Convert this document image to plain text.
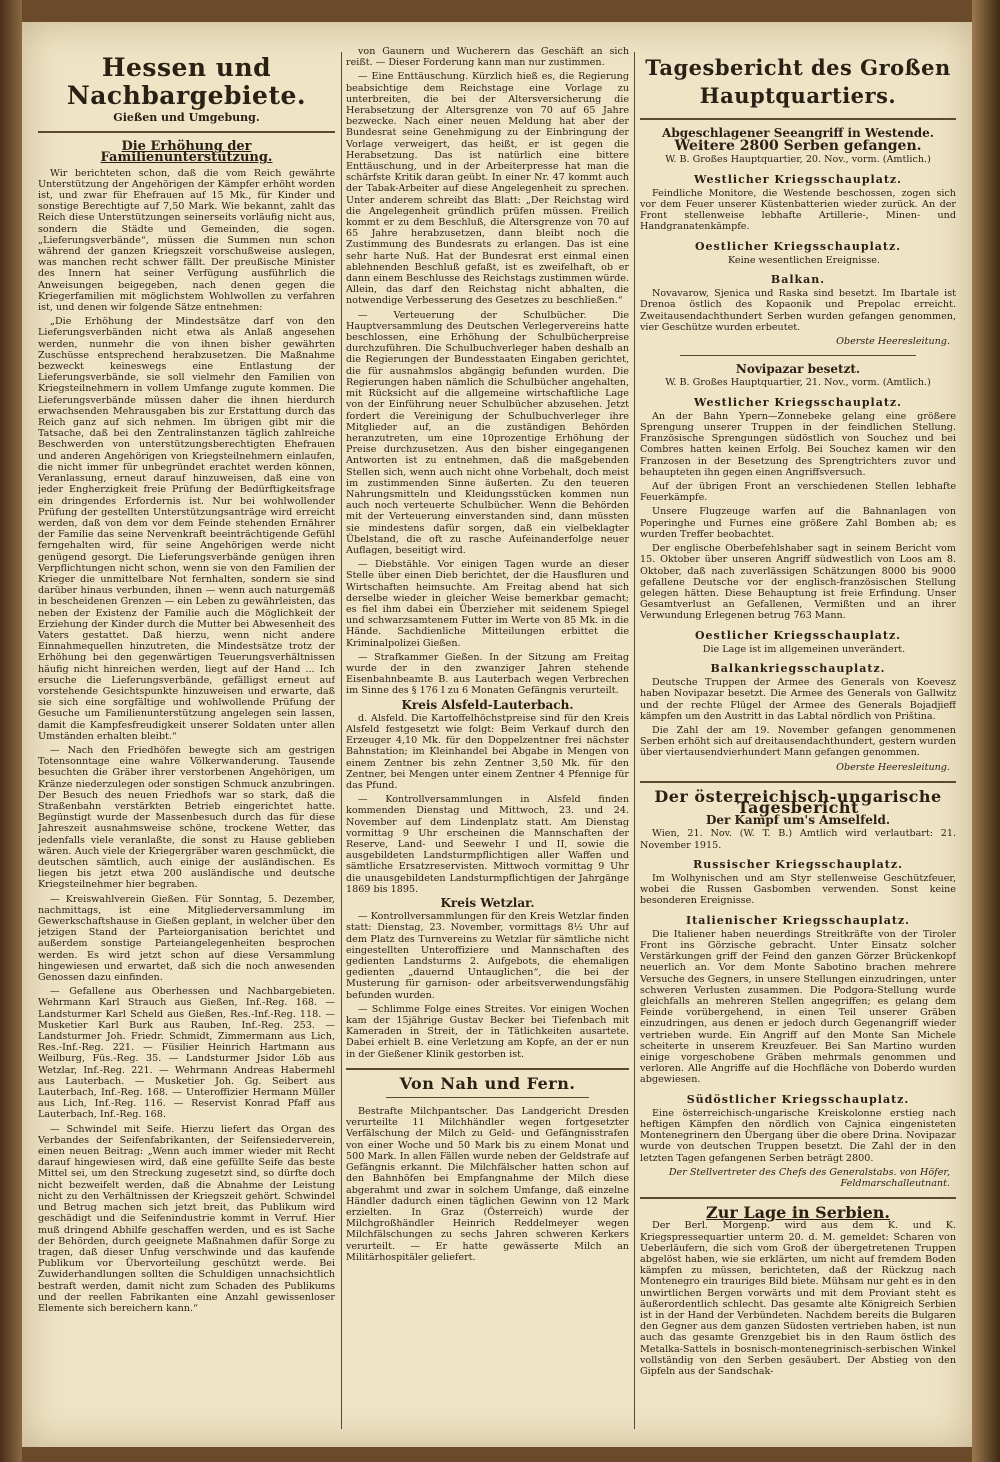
Hessen und Nachbargebiete.
Gießen und Umgebung.
Die Erhöhung der Familienunterstützung.

Wir berichteten schon, daß die vom Reich gewährte Unterstützung der Angehörigen der Kämpfer erhöht worden ist, und zwar für Ehefrauen auf 15 Mk., für Kinder und sonstige Berechtigte auf 7,50 Mark. Wie bekannt, zahlt das Reich diese Unterstützungen seinerseits vorläufig nicht aus, sondern die Städte und Gemeinden, die sogen. „Lieferungsverbände“, müssen die Summen nun schon während der ganzen Kriegszeit vorschußweise auslegen, was manchen recht schwer fällt. Der preußische Minister des Innern hat seiner Verfügung ausführlich die Anweisungen beigegeben, nach denen gegen die Kriegerfamilien mit möglichstem Wohlwollen zu verfahren ist, und denen wir folgende Sätze entnehmen:

„Die Erhöhung der Mindestsätze darf von den Lieferungsverbänden nicht etwa als Anlaß angesehen werden, nunmehr die von ihnen bisher gewährten Zuschüsse entsprechend herabzusetzen. Die Maßnahme bezweckt keineswegs eine Entlastung der Lieferungsverbände, sie soll vielmehr den Familien von Kriegsteilnehmern in vollem Umfange zugute kommen. Die Lieferungsverbände müssen daher die ihnen hierdurch erwachsenden Mehrausgaben bis zur Erstattung durch das Reich ganz auf sich nehmen. Im übrigen gibt mir die Tatsache, daß bei den Zentralinstanzen täglich zahlreiche Beschwerden von unterstützungsberechtigten Ehefrauen und anderen Angehörigen von Kriegsteilnehmern einlaufen, die nicht immer für unbegründet erachtet werden können, Veranlassung, erneut darauf hinzuweisen, daß eine von jeder Engherzigkeit freie Prüfung der Bedürftigkeitsfrage ein dringendes Erfordernis ist. Nur bei wohlwollender Prüfung der gestellten Unterstützungsanträge wird erreicht werden, daß von dem vor dem Feinde stehenden Ernährer der Familie das seine Nervenkraft beeinträchtigende Gefühl ferngehalten wird, für seine Angehörigen werde nicht genügend gesorgt. Die Lieferungsverbände genügen ihren Verpflichtungen nicht schon, wenn sie von den Familien der Krieger die unmittelbare Not fernhalten, sondern sie sind darüber hinaus verbunden, ihnen — wenn auch naturgemäß in bescheidenen Grenzen — ein Leben zu gewährleisten, das neben der Existenz der Familie auch die Möglichkeit der Erziehung der Kinder durch die Mutter bei Abwesenheit des Vaters gestattet. Daß hierzu, wenn nicht andere Einnahmequellen hinzutreten, die Mindestsätze trotz der Erhöhung bei den gegenwärtigen Teuerungsverhältnissen häufig nicht hinreichen werden, liegt auf der Hand ... Ich ersuche die Lieferungsverbände, gefälligst erneut auf vorstehende Gesichtspunkte hinzuweisen und erwarte, daß sie sich eine sorgfältige und wohlwollende Prüfung der Gesuche um Familienunterstützung angelegen sein lassen, damit die Kampfesfreudigkeit unserer Soldaten unter allen Umständen erhalten bleibt.“

— Nach den Friedhöfen bewegte sich am gestrigen Totensonntage eine wahre Völkerwanderung. Tausende besuchten die Gräber ihrer verstorbenen Angehörigen, um Kränze niederzulegen oder sonstigen Schmuck anzubringen. Der Besuch des neuen Friedhofs war so stark, daß die Straßenbahn verstärkten Betrieb eingerichtet hatte. Begünstigt wurde der Massenbesuch durch das für diese Jahreszeit ausnahmsweise schöne, trockene Wetter, das jedenfalls viele veranlaßte, die sonst zu Hause geblieben wären. Auch viele der Kriegergräber waren geschmückt, die deutschen sämtlich, auch einige der ausländischen. Es liegen bis jetzt etwa 200 ausländische und deutsche Kriegsteilnehmer hier begraben.

— Kreiswahlverein Gießen. Für Sonntag, 5. Dezember, nachmittags, ist eine Mitgliederversammlung im Gewerkschaftshause in Gießen geplant, in welcher über den jetzigen Stand der Parteiorganisation berichtet und außerdem sonstige Parteiangelegenheiten besprochen werden. Es wird jetzt schon auf diese Versammlung hingewiesen und erwartet, daß sich die noch anwesenden Genossen dazu einfinden.

— Gefallene aus Oberhessen und Nachbargebieten. Wehrmann Karl Strauch aus Gießen, Inf.-Reg. 168. — Landsturmer Karl Scheld aus Gießen, Res.-Inf.-Reg. 118. — Musketier Karl Burk aus Rauben, Inf.-Reg. 253. — Landsturmer Joh. Friedr. Schmidt, Zimmermann aus Lich, Res.-Inf.-Reg. 221. — Füsilier Heinrich Hartmann aus Weilburg, Füs.-Reg. 35. — Landsturmer Jsidor Löb aus Wetzlar, Inf.-Reg. 221. — Wehrmann Andreas Habermehl aus Lauterbach. — Musketier Joh. Gg. Seibert aus Lauterbach, Inf.-Reg. 168. — Unteroffizier Hermann Müller aus Lich, Inf.-Reg. 116. — Reservist Konrad Pfaff aus Lauterbach, Inf.-Reg. 168.

— Schwindel mit Seife. Hierzu liefert das Organ des Verbandes der Seifenfabrikanten, der Seifensiederverein, einen neuen Beitrag: „Wenn auch immer wieder mit Recht darauf hingewiesen wird, daß eine gefüllte Seife das beste Mittel sei, um den Streckung zugesetzt sind, so dürfte doch nicht bezweifelt werden, daß die Abnahme der Leistung nicht zu den Verhältnissen der Kriegszeit gehört. Schwindel und Betrug machen sich jetzt breit, das Publikum wird geschädigt und die Seifenindustrie kommt in Verruf. Hier muß dringend Abhilfe geschaffen werden, und es ist Sache der Behörden, durch geeignete Maßnahmen dafür Sorge zu tragen, daß dieser Unfug verschwinde und das kaufende Publikum vor Übervorteilung geschützt werde. Bei Zuwiderhandlungen sollten die Schuldigen unnachsichtlich bestraft werden, damit nicht zum Schaden des Publikums und der reellen Fabrikanten eine Anzahl gewissenloser Elemente sich bereichern kann.“

von Gaunern und Wucherern das Geschäft an sich reißt. — Dieser Forderung kann man nur zustimmen.

— Eine Enttäuschung. Kürzlich hieß es, die Regierung beabsichtige dem Reichstage eine Vorlage zu unterbreiten, die bei der Altersversicherung die Herabsetzung der Altersgrenze von 70 auf 65 Jahre bezwecke. Nach einer neuen Meldung hat aber der Bundesrat seine Genehmigung zu der Einbringung der Vorlage verweigert, das heißt, er ist gegen die Herabsetzung. Das ist natürlich eine bittere Enttäuschung, und in der Arbeiterpresse hat man die schärfste Kritik daran geübt. In einer Nr. 47 kommt auch der Tabak-Arbeiter auf diese Angelegenheit zu sprechen. Unter anderem schreibt das Blatt: „Der Reichstag wird die Angelegenheit gründlich prüfen müssen. Freilich kommt er zu dem Beschluß, die Altersgrenze von 70 auf 65 Jahre herabzusetzen, dann bleibt noch die Zustimmung des Bundesrats zu erlangen. Das ist eine sehr harte Nuß. Hat der Bundesrat erst einmal einen ablehnenden Beschluß gefaßt, ist es zweifelhaft, ob er dann einem Beschlusse des Reichstags zustimmen würde. Allein, das darf den Reichstag nicht abhalten, die notwendige Verbesserung des Gesetzes zu beschließen.“

— Verteuerung der Schulbücher. Die Hauptversammlung des Deutschen Verlegervereins hatte beschlossen, eine Erhöhung der Schulbücherpreise durchzuführen. Die Schulbuchverleger haben deshalb an die Regierungen der Bundesstaaten Eingaben gerichtet, die für ausnahmslos abgängig befunden wurden. Die Regierungen haben nämlich die Schulbücher angehalten, mit Rücksicht auf die allgemeine wirtschaftliche Lage von der Einführung neuer Schulbücher abzusehen. Jetzt fordert die Vereinigung der Schulbuchverleger ihre Mitglieder auf, an die zuständigen Behörden heranzutreten, um eine 10prozentige Erhöhung der Preise durchzusetzen. Aus den bisher eingegangenen Antworten ist zu entnehmen, daß die maßgebenden Stellen sich, wenn auch nicht ohne Vorbehalt, doch meist im zustimmenden Sinne äußerten. Zu den teueren Nahrungsmitteln und Kleidungsstücken kommen nun auch noch verteuerte Schulbücher. Wenn die Behörden mit der Verteuerung einverstanden sind, dann müssten sie mindestens dafür sorgen, daß ein vielbeklagter Übelstand, die oft zu rasche Aufeinanderfolge neuer Auflagen, beseitigt wird.

— Diebstähle. Vor einigen Tagen wurde an dieser Stelle über einen Dieb berichtet, der die Hausfluren und Wirtschaften heimsuchte. Am Freitag abend hat sich derselbe wieder in gleicher Weise bemerkbar gemacht; es fiel ihm dabei ein Überzieher mit seidenem Spiegel und schwarzsamtenem Futter im Werte von 85 Mk. in die Hände. Sachdienliche Mitteilungen erbittet die Kriminalpolizei Gießen.

— Strafkammer Gießen. In der Sitzung am Freitag wurde der in den zwanziger Jahren stehende Eisenbahnbeamte B. aus Lauterbach wegen Verbrechen im Sinne des § 176 I zu 6 Monaten Gefängnis verurteilt.

Kreis Alsfeld-Lauterbach.

d. Alsfeld. Die Kartoffelhöchstpreise sind für den Kreis Alsfeld festgesetzt wie folgt: Beim Verkauf durch den Erzeuger 4,10 Mk. für den Doppelzentner frei nächster Bahnstation; im Kleinhandel bei Abgabe in Mengen von einem Zentner bis zehn Zentner 3,50 Mk. für den Zentner, bei Mengen unter einem Zentner 4 Pfennige für das Pfund.

— Kontrollversammlungen in Alsfeld finden kommenden Dienstag und Mittwoch, 23. und 24. November auf dem Lindenplatz statt. Am Dienstag vormittag 9 Uhr erscheinen die Mannschaften der Reserve, Land- und Seewehr I und II, sowie die ausgebildeten Landsturmpflichtigen aller Waffen und sämtliche Ersatzreservisten. Mittwoch vormittag 9 Uhr die unausgebildeten Landsturmpflichtigen der Jahrgänge 1869 bis 1895.

Kreis Wetzlar.

— Kontrollversammlungen für den Kreis Wetzlar finden statt: Dienstag, 23. November, vormittags 8½ Uhr auf dem Platz des Turnvereins zu Wetzlar für sämtliche nicht eingestellten Unteroffiziere und Mannschaften des gedienten Landsturms 2. Aufgebots, die ehemaligen gedienten „dauernd Untauglichen“, die bei der Musterung für garnison- oder arbeitsverwendungsfähig befunden wurden.

— Schlimme Folge eines Streites. Vor einigen Wochen kam der 15jährige Gustav Becker bei Tiefenbach mit Kameraden in Streit, der in Tätlichkeiten ausartete. Dabei erhielt B. eine Verletzung am Kopfe, an der er nun in der Gießener Klinik gestorben ist.

Von Nah und Fern.

Bestrafte Milchpantscher. Das Landgericht Dresden verurteilte 11 Milchhändler wegen fortgesetzter Verfälschung der Milch zu Geld- und Gefängnisstrafen von einer Woche und 50 Mark bis zu einem Monat und 500 Mark. In allen Fällen wurde neben der Geldstrafe auf Gefängnis erkannt. Die Milchfälscher hatten schon auf den Bahnhöfen bei Empfangnahme der Milch diese abgerahmt und zwar in solchem Umfange, daß einzelne Händler dadurch einen täglichen Gewinn von 12 Mark erzielten. In Graz (Österreich) wurde der Milchgroßhändler Heinrich Reddelmeyer wegen Milchfälschungen zu sechs Jahren schweren Kerkers verurteilt. — Er hatte gewässerte Milch an Militärhospitäler geliefert.

Tagesbericht des Großen Hauptquartiers.
Abgeschlagener Seeangriff in Westende.
Weitere 2800 Serben gefangen.
W. B. Großes Hauptquartier, 20. Nov., vorm. (Amtlich.)
Westlicher Kriegsschauplatz.

Feindliche Monitore, die Westende beschossen, zogen sich vor dem Feuer unserer Küstenbatterien wieder zurück. An der Front stellenweise lebhafte Artillerie-, Minen- und Handgranatenkämpfe.

Oestlicher Kriegsschauplatz.

Keine wesentlichen Ereignisse.

Balkan.

Novavarow, Sjenica und Raska sind besetzt. Im Ibartale ist Drenoa östlich des Kopaonik und Prepolac erreicht. Zweitausendachthundert Serben wurden gefangen genommen, vier Geschütze wurden erbeutet.

Oberste Heeresleitung.
Novipazar besetzt.
W. B. Großes Hauptquartier, 21. Nov., vorm. (Amtlich.)
Westlicher Kriegsschauplatz.

An der Bahn Ypern—Zonnebeke gelang eine größere Sprengung unserer Truppen in der feindlichen Stellung. Französische Sprengungen südöstlich von Souchez und bei Combres hatten keinen Erfolg. Bei Souchez kamen wir den Franzosen in der Besetzung des Sprengtrichters zuvor und behaupteten ihn gegen einen Angriffsversuch.

Auf der übrigen Front an verschiedenen Stellen lebhafte Feuerkämpfe.

Unsere Flugzeuge warfen auf die Bahnanlagen von Poperinghe und Furnes eine größere Zahl Bomben ab; es wurden Treffer beobachtet.

Der englische Oberbefehlshaber sagt in seinem Bericht vom 15. Oktober über unseren Angriff südwestlich von Loos am 8. Oktober, daß nach zuverlässigen Schätzungen 8000 bis 9000 gefallene Deutsche vor der englisch-französischen Stellung gelegen hätten. Diese Behauptung ist freie Erfindung. Unser Gesamtverlust an Gefallenen, Vermißten und an ihrer Verwundung Erlegenen betrug 763 Mann.

Oestlicher Kriegsschauplatz.

Die Lage ist im allgemeinen unverändert.

Balkankriegsschauplatz.

Deutsche Truppen der Armee des Generals von Koevesz haben Novipazar besetzt. Die Armee des Generals von Gallwitz und der rechte Flügel der Armee des Generals Bojadjieff kämpfen um den Austritt in das Labtal nördlich von Priština.

Die Zahl der am 19. November gefangen genommenen Serben erhöht sich auf dreitausendachthundert, gestern wurden über viertausendvierhundert Mann gefangen genommen.

Oberste Heeresleitung.
Der österreichisch-ungarische Tagesbericht
Der Kampf um's Amselfeld.

Wien, 21. Nov. (W. T. B.) Amtlich wird verlautbart: 21. November 1915.

Russischer Kriegsschauplatz.

Im Wolhynischen und am Styr stellenweise Geschützfeuer, wobei die Russen Gasbomben verwenden. Sonst keine besonderen Ereignisse.

Italienischer Kriegsschauplatz.

Die Italiener haben neuerdings Streitkräfte von der Tiroler Front ins Görzische gebracht. Unter Einsatz solcher Verstärkungen griff der Feind den ganzen Görzer Brückenkopf neuerlich an. Vor dem Monte Sabotino brachen mehrere Versuche des Gegners, in unsere Stellungen einzudringen, unter schweren Verlusten zusammen. Die Podgora-Stellung wurde gleichfalls an mehreren Stellen angegriffen; es gelang dem Feinde vorübergehend, in einen Teil unserer Gräben einzudringen, aus denen er jedoch durch Gegenangriff wieder vertrieben wurde. Ein Angriff auf den Monte San Michele scheiterte in unserem Kreuzfeuer. Bei San Martino wurden einige vorgeschobene Gräben mehrmals genommen und verloren. Alle Angriffe auf die Hochfläche von Doberdo wurden abgewiesen.

Südöstlicher Kriegsschauplatz.

Eine österreichisch-ungarische Kreiskolonne erstieg nach heftigen Kämpfen den nördlich von Cajnica eingenisteten Montenegrinern den Übergang über die obere Drina. Novipazar wurde von deutschen Truppen besetzt. Die Zahl der in den letzten Tagen gefangenen Serben beträgt 2800.

Der Stellvertreter des Chefs des Generalstabs. von Höfer, Feldmarschalleutnant.
Zur Lage in Serbien.

Der Berl. Morgenp. wird aus dem K. und K. Kriegspressequartier unterm 20. d. M. gemeldet: Scharen von Ueberläufern, die sich vom Groß der übergetretenen Truppen abgelöst haben, wie sie erklärten, um nicht auf fremdem Boden kämpfen zu müssen, berichteten, daß der Rückzug nach Montenegro ein trauriges Bild biete. Mühsam nur geht es in den unwirtlichen Bergen vorwärts und mit dem Proviant steht es äußerordentlich schlecht. Das gesamte alte Königreich Serbien ist in der Hand der Verbündeten. Nachdem bereits die Bulgaren den Gegner aus dem ganzen Südosten vertrieben haben, ist nun auch das gesamte Grenzgebiet bis in den Raum östlich des Metalka-Sattels in bosnisch-montenegrinisch-serbischen Winkel vollständig von den Serben gesäubert. Der Abstieg von den Gipfeln aus der Sandschak-
